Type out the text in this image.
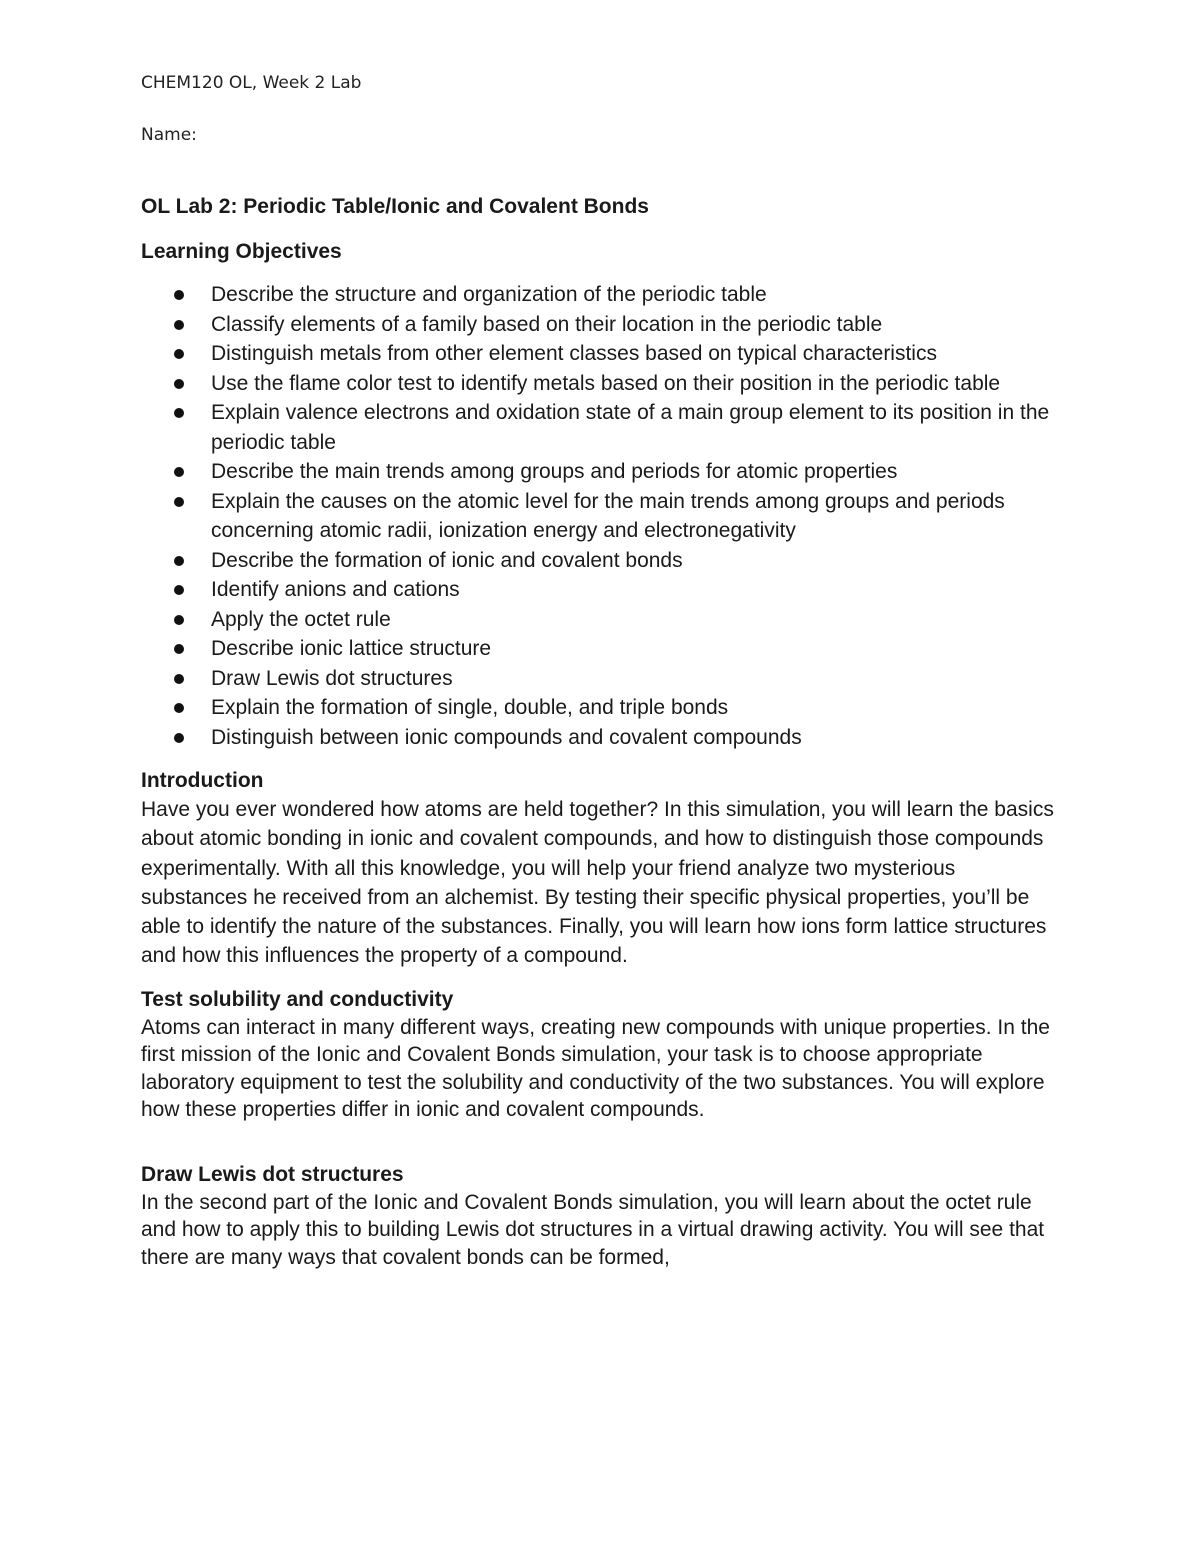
CHEM120 OL, Week 2 Lab

Name:

OL Lab 2: Periodic Table/Ionic and Covalent Bonds
Learning Objectives
Describe the structure and organization of the periodic table
Classify elements of a family based on their location in the periodic table
Distinguish metals from other element classes based on typical characteristics
Use the flame color test to identify metals based on their position in the periodic table
Explain valence electrons and oxidation state of a main group element to its position in the periodic table
Describe the main trends among groups and periods for atomic properties
Explain the causes on the atomic level for the main trends among groups and periods concerning atomic radii, ionization energy and electronegativity
Describe the formation of ionic and covalent bonds
Identify anions and cations
Apply the octet rule
Describe ionic lattice structure
Draw Lewis dot structures
Explain the formation of single, double, and triple bonds
Distinguish between ionic compounds and covalent compounds
Introduction

Have you ever wondered how atoms are held together? In this simulation, you will learn the basics about atomic bonding in ionic and covalent compounds, and how to distinguish those compounds experimentally. With all this knowledge, you will help your friend analyze two mysterious substances he received from an alchemist. By testing their specific physical properties, you’ll be able to identify the nature of the substances. Finally, you will learn how ions form lattice structures and how this influences the property of a compound.

Test solubility and conductivity

Atoms can interact in many different ways, creating new compounds with unique properties. In the first mission of the Ionic and Covalent Bonds simulation, your task is to choose appropriate laboratory equipment to test the solubility and conductivity of the two substances. You will explore how these properties differ in ionic and covalent compounds.

Draw Lewis dot structures

In the second part of the Ionic and Covalent Bonds simulation, you will learn about the octet rule and how to apply this to building Lewis dot structures in a virtual drawing activity. You will see that there are many ways that covalent bonds can be formed,
